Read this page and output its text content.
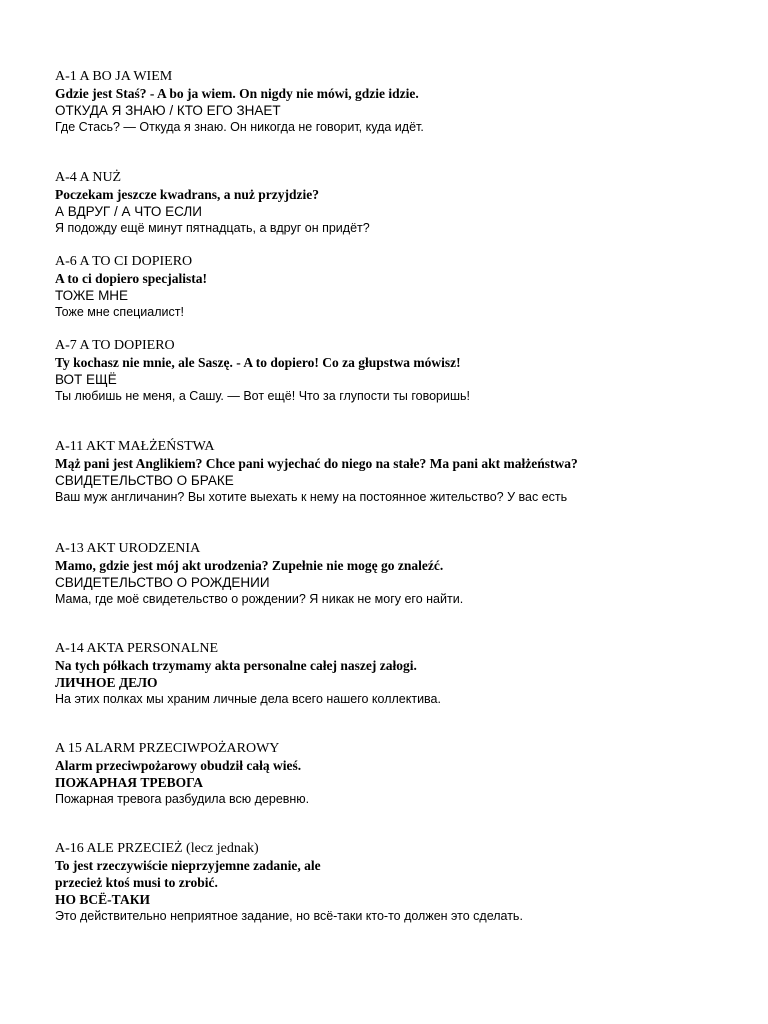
A-1 A BO JA WIEM
Gdzie jest Staś? - A bo ja wiem. On nigdy nie mówi, gdzie idzie.
ОТКУДА Я ЗНАЮ / КТО ЕГО ЗНАЕТ
Где Стась? — Откуда я знаю. Он никогда не говорит, куда идёт.
A-4 A NUŻ
Poczekam jeszcze kwadrans, a nuż przyjdzie?
А ВДРУГ / А ЧТО ЕСЛИ
Я подожду ещё минут пятнадцать, а вдруг он придёт?
A-6 A TO CI DOPIERO
A to ci dopiero specjalista!
ТОЖЕ МНЕ
Тоже мне специалист!
A-7 A TO DOPIERO
Ty kochasz nie mnie, ale Saszę. - A to dopiero! Co za głupstwa mówisz!
ВОТ ЕЩЁ
Ты любишь не меня, а Сашу. — Вот ещё! Что за глупости ты говоришь!
A-11 AKT MAŁŻEŃSTWA
Mąż pani jest Anglikiem? Chce pani wyjechać do niego na stałe? Ma pani akt małżeństwa?
СВИДЕТЕЛЬСТВО О БРАКЕ
Ваш муж англичанин? Вы хотите выехать к нему на постоянное жительство? У вас есть
A-13 AKT URODZENIA
Mamo, gdzie jest mój akt urodzenia? Zupełnie nie mogę go znaleźć.
СВИДЕТЕЛЬСТВО О РОЖДЕНИИ
Мама, где моё свидетельство о рождении? Я никак не могу его найти.
A-14 AKTA PERSONALNE
Na tych półkach trzymamy akta personalne całej naszej załogi.
ЛИЧНОЕ ДЕЛО
На этих полках мы храним личные дела всего нашего коллектива.
A 15 ALARM PRZECIWPOŻAROWY
Alarm przeciwpożarowy obudził całą wieś.
ПОЖАРНАЯ ТРЕВОГА
Пожарная тревога разбудила всю деревню.
A-16 ALE PRZECIEŻ (lecz jednak)
To jest rzeczywiście nieprzyjemne zadanie, ale
przecież ktoś musi to zrobić.
НО ВСЁ-ТАКИ
Это действительно неприятное задание, но всё-таки кто-то должен это сделать.
